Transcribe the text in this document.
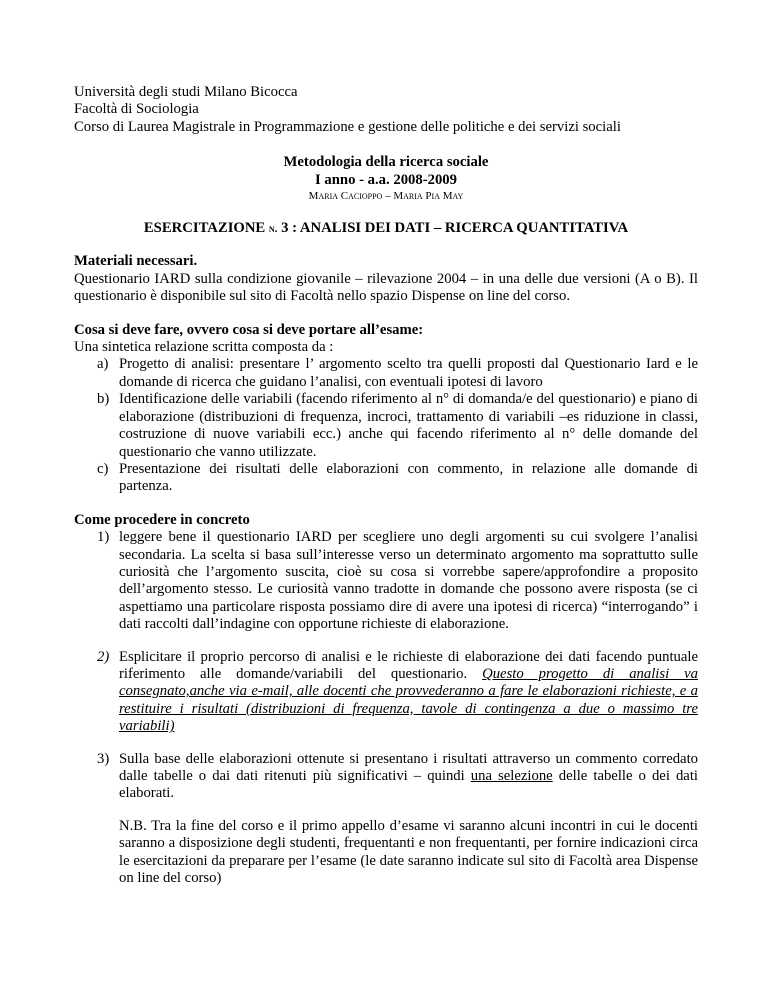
Università degli studi Milano Bicocca

Facoltà di Sociologia

Corso di Laurea Magistrale in Programmazione e gestione delle politiche e dei servizi sociali

Metodologia della ricerca sociale
I anno - a.a. 2008-2009
Maria Cacioppo – Maria Pia May
ESERCITAZIONE n. 3 : ANALISI DEI DATI – RICERCA QUANTITATIVA
Materiali necessari.
Questionario IARD sulla condizione giovanile – rilevazione 2004 – in una delle due versioni (A o B). Il questionario è disponibile sul sito di Facoltà nello spazio Dispense on line del corso.
Cosa si deve fare, ovvero cosa si deve portare all’esame:
Una sintetica relazione scritta composta da :
a) Progetto di analisi: presentare l’ argomento scelto tra quelli proposti dal Questionario Iard e le domande di ricerca che guidano l’analisi, con eventuali ipotesi di lavoro
b) Identificazione delle variabili (facendo riferimento al n° di domanda/e del questionario) e piano di elaborazione (distribuzioni di frequenza, incroci, trattamento di variabili –es riduzione in classi, costruzione di nuove variabili ecc.) anche qui facendo riferimento al n° delle domande del questionario che vanno utilizzate.
c) Presentazione dei risultati delle elaborazioni con commento, in relazione alle domande di partenza.
Come procedere in concreto
1) leggere bene il questionario IARD per scegliere uno degli argomenti su cui svolgere l’analisi secondaria. La scelta si basa sull’interesse verso un determinato argomento ma soprattutto sulle curiosità che l’argomento suscita, cioè su cosa si vorrebbe sapere/approfondire a proposito dell’argomento stesso. Le curiosità vanno tradotte in domande che possono avere risposta (se ci aspettiamo una particolare risposta possiamo dire di avere una ipotesi di ricerca) “interrogando” i dati raccolti dall’indagine con opportune richieste di elaborazione.
2) Esplicitare il proprio percorso di analisi e le richieste di elaborazione dei dati facendo puntuale riferimento alle domande/variabili del questionario. Questo progetto di analisi va consegnato,anche via e-mail, alle docenti che provvederanno a fare le elaborazioni richieste, e a restituire i risultati (distribuzioni di frequenza, tavole di contingenza a due o massimo tre variabili)
3) Sulla base delle elaborazioni ottenute si presentano i risultati attraverso un commento corredato dalle tabelle o dai dati ritenuti più significativi – quindi una selezione delle tabelle o dei dati elaborati.
N.B. Tra la fine del corso e il primo appello d’esame vi saranno alcuni incontri in cui le docenti saranno a disposizione degli studenti, frequentanti e non frequentanti, per fornire indicazioni circa le esercitazioni da preparare per l’esame (le date saranno indicate sul sito di Facoltà area Dispense on line del corso)
